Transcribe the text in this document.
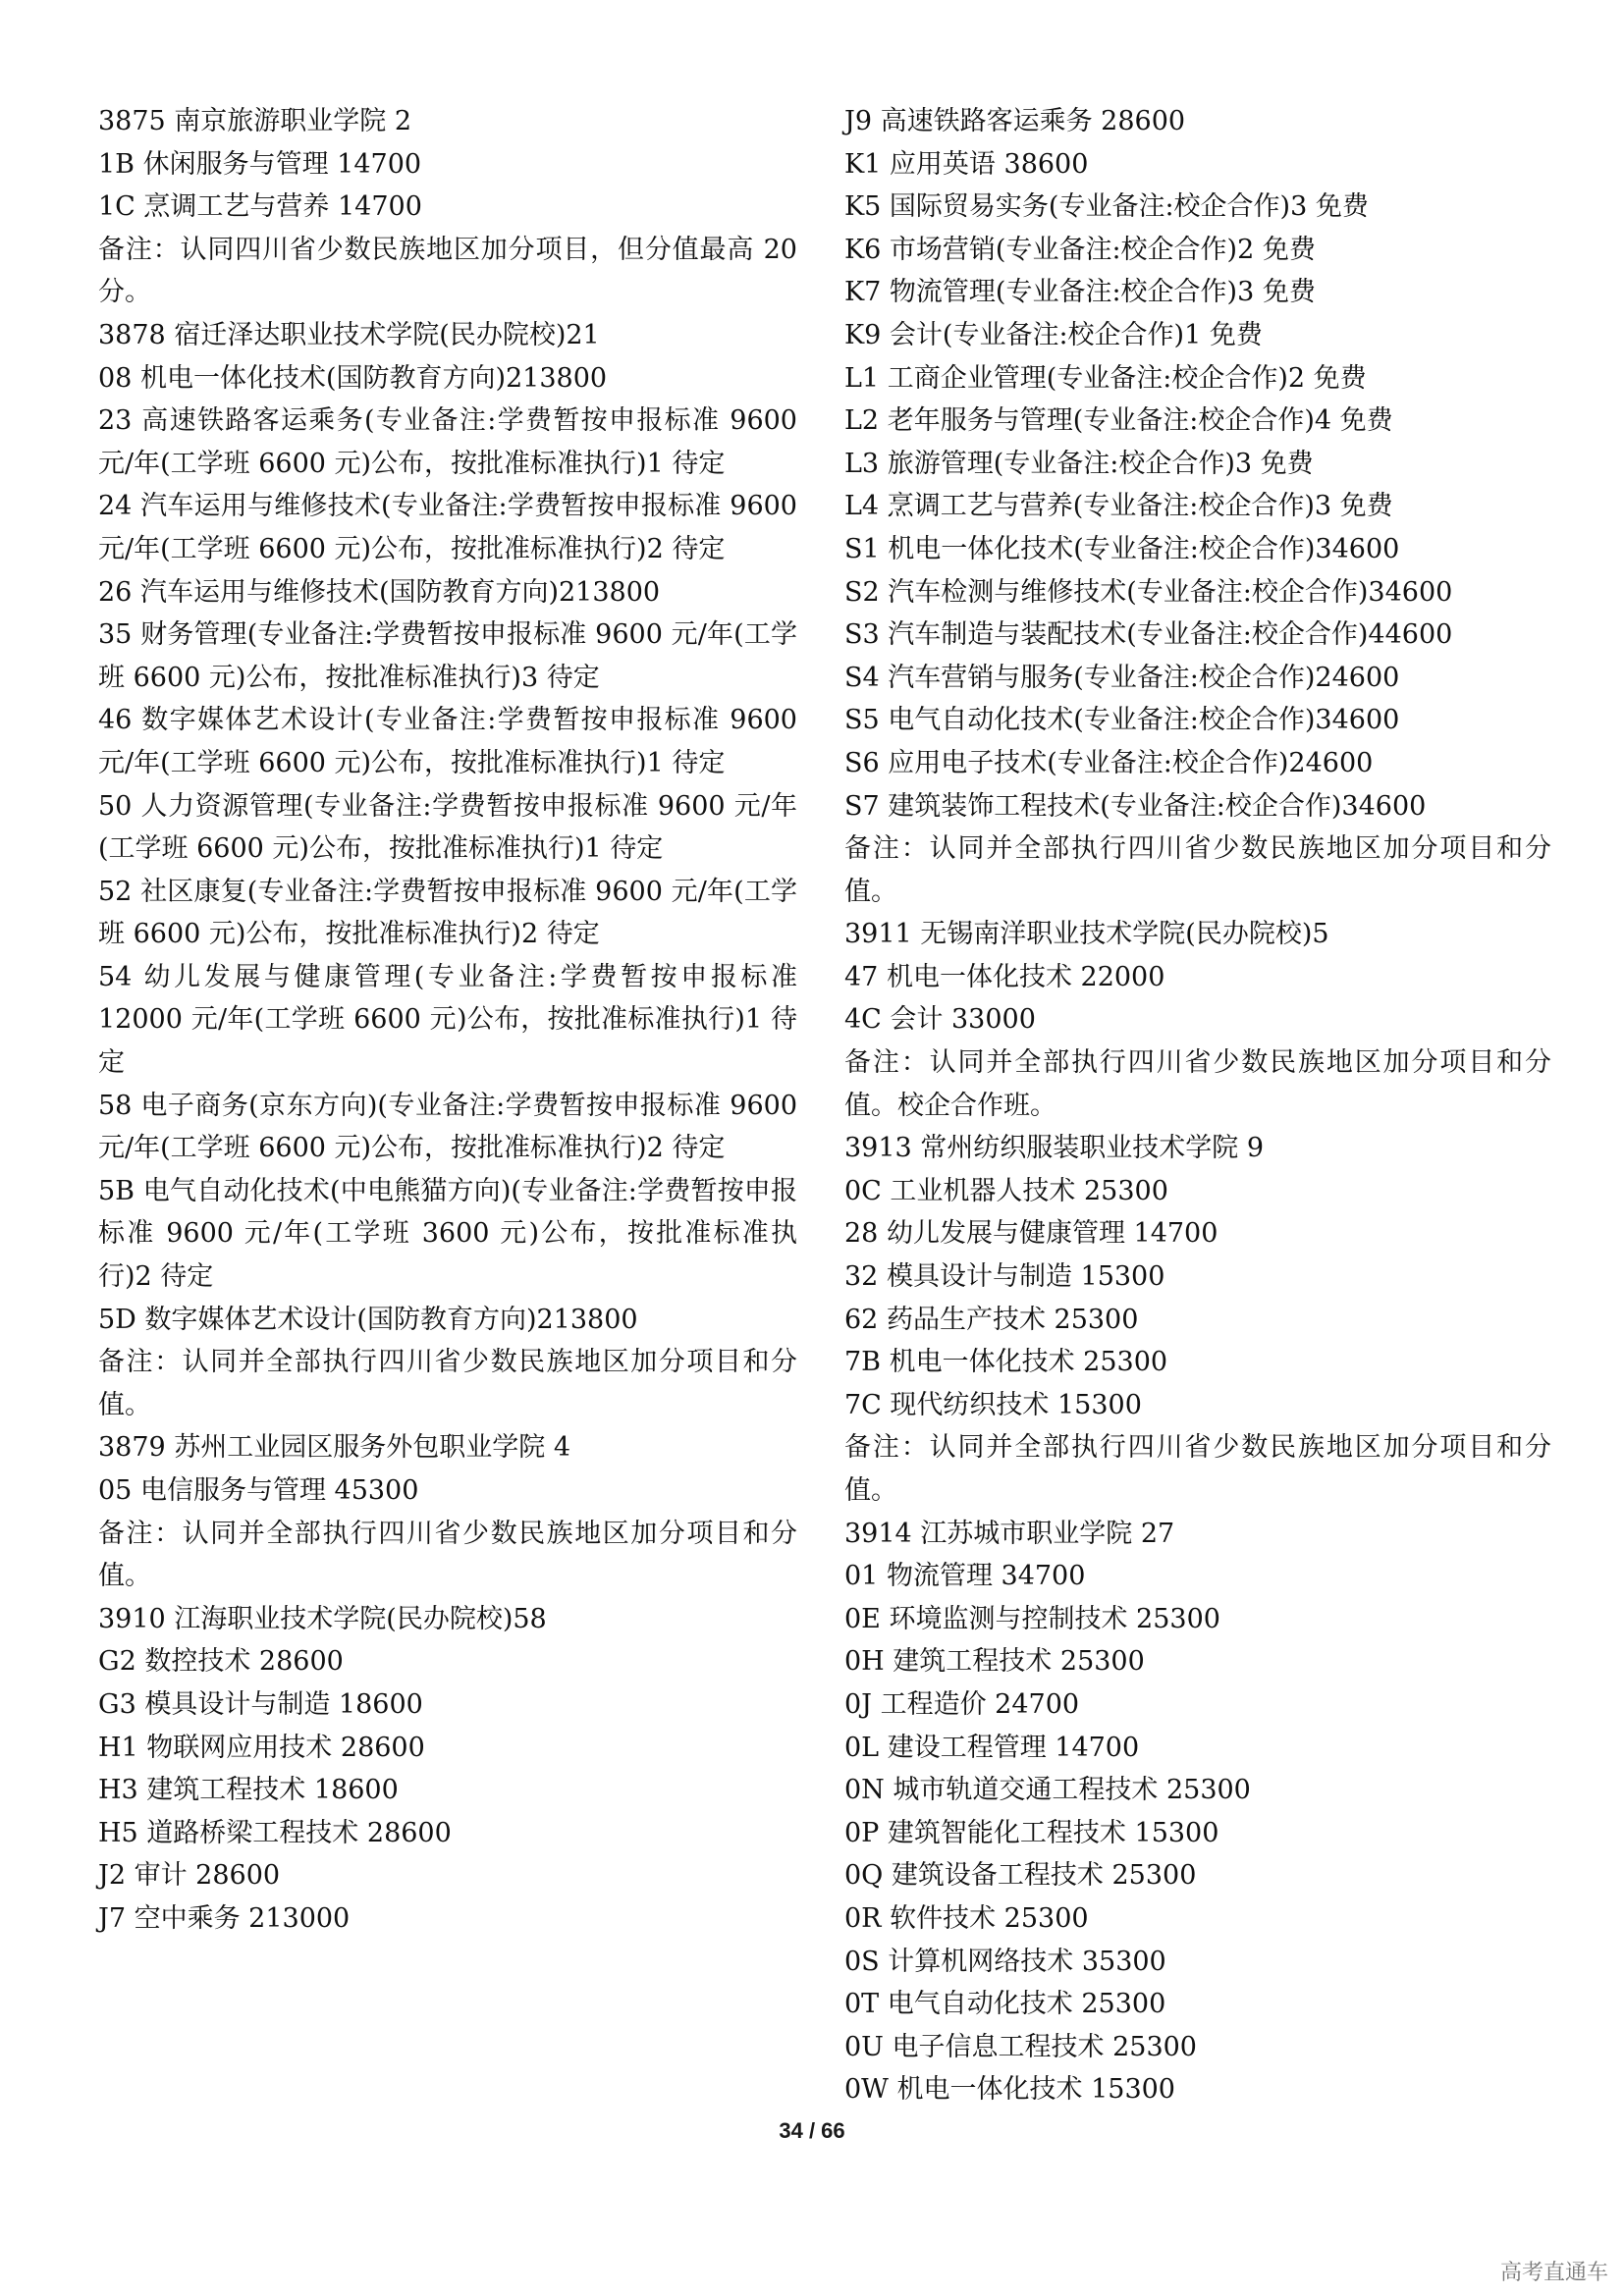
3875 南京旅游职业学院 2
1B 休闲服务与管理 14700
1C 烹调工艺与营养 14700
备注：认同四川省少数民族地区加分项目，但分值最高 20 分。
3878 宿迁泽达职业技术学院(民办院校)21
08 机电一体化技术(国防教育方向)213800
23 高速铁路客运乘务(专业备注:学费暂按申报标准 9600 元/年(工学班 6600 元)公布，按批准标准执行)1 待定
24 汽车运用与维修技术(专业备注:学费暂按申报标准 9600 元/年(工学班 6600 元)公布，按批准标准执行)2 待定
26 汽车运用与维修技术(国防教育方向)213800
35 财务管理(专业备注:学费暂按申报标准 9600 元/年(工学班 6600 元)公布，按批准标准执行)3 待定
46 数字媒体艺术设计(专业备注:学费暂按申报标准 9600 元/年(工学班 6600 元)公布，按批准标准执行)1 待定
50 人力资源管理(专业备注:学费暂按申报标准 9600 元/年(工学班 6600 元)公布，按批准标准执行)1 待定
52 社区康复(专业备注:学费暂按申报标准 9600 元/年(工学班 6600 元)公布，按批准标准执行)2 待定
54 幼儿发展与健康管理(专业备注:学费暂按申报标准 12000 元/年(工学班 6600 元)公布，按批准标准执行)1 待定
58 电子商务(京东方向)(专业备注:学费暂按申报标准 9600 元/年(工学班 6600 元)公布，按批准标准执行)2 待定
5B 电气自动化技术(中电熊猫方向)(专业备注:学费暂按申报标准 9600 元/年(工学班 3600 元)公布，按批准标准执行)2 待定
5D 数字媒体艺术设计(国防教育方向)213800
备注：认同并全部执行四川省少数民族地区加分项目和分值。
3879 苏州工业园区服务外包职业学院 4
05 电信服务与管理 45300
备注：认同并全部执行四川省少数民族地区加分项目和分值。
3910 江海职业技术学院(民办院校)58
G2 数控技术 28600
G3 模具设计与制造 18600
H1 物联网应用技术 28600
H3 建筑工程技术 18600
H5 道路桥梁工程技术 28600
J2 审计 28600
J7 空中乘务 213000
J9 高速铁路客运乘务 28600
K1 应用英语 38600
K5 国际贸易实务(专业备注:校企合作)3 免费
K6 市场营销(专业备注:校企合作)2 免费
K7 物流管理(专业备注:校企合作)3 免费
K9 会计(专业备注:校企合作)1 免费
L1 工商企业管理(专业备注:校企合作)2 免费
L2 老年服务与管理(专业备注:校企合作)4 免费
L3 旅游管理(专业备注:校企合作)3 免费
L4 烹调工艺与营养(专业备注:校企合作)3 免费
S1 机电一体化技术(专业备注:校企合作)34600
S2 汽车检测与维修技术(专业备注:校企合作)34600
S3 汽车制造与装配技术(专业备注:校企合作)44600
S4 汽车营销与服务(专业备注:校企合作)24600
S5 电气自动化技术(专业备注:校企合作)34600
S6 应用电子技术(专业备注:校企合作)24600
S7 建筑装饰工程技术(专业备注:校企合作)34600
备注：认同并全部执行四川省少数民族地区加分项目和分值。
3911 无锡南洋职业技术学院(民办院校)5
47 机电一体化技术 22000
4C 会计 33000
备注：认同并全部执行四川省少数民族地区加分项目和分值。校企合作班。
3913 常州纺织服装职业技术学院 9
0C 工业机器人技术 25300
28 幼儿发展与健康管理 14700
32 模具设计与制造 15300
62 药品生产技术 25300
7B 机电一体化技术 25300
7C 现代纺织技术 15300
备注：认同并全部执行四川省少数民族地区加分项目和分值。
3914 江苏城市职业学院 27
01 物流管理 34700
0E 环境监测与控制技术 25300
0H 建筑工程技术 25300
0J 工程造价 24700
0L 建设工程管理 14700
0N 城市轨道交通工程技术 25300
0P 建筑智能化工程技术 15300
0Q 建筑设备工程技术 25300
0R 软件技术 25300
0S 计算机网络技术 35300
0T 电气自动化技术 25300
0U 电子信息工程技术 25300
0W 机电一体化技术 15300
34 / 66
高考直通车
